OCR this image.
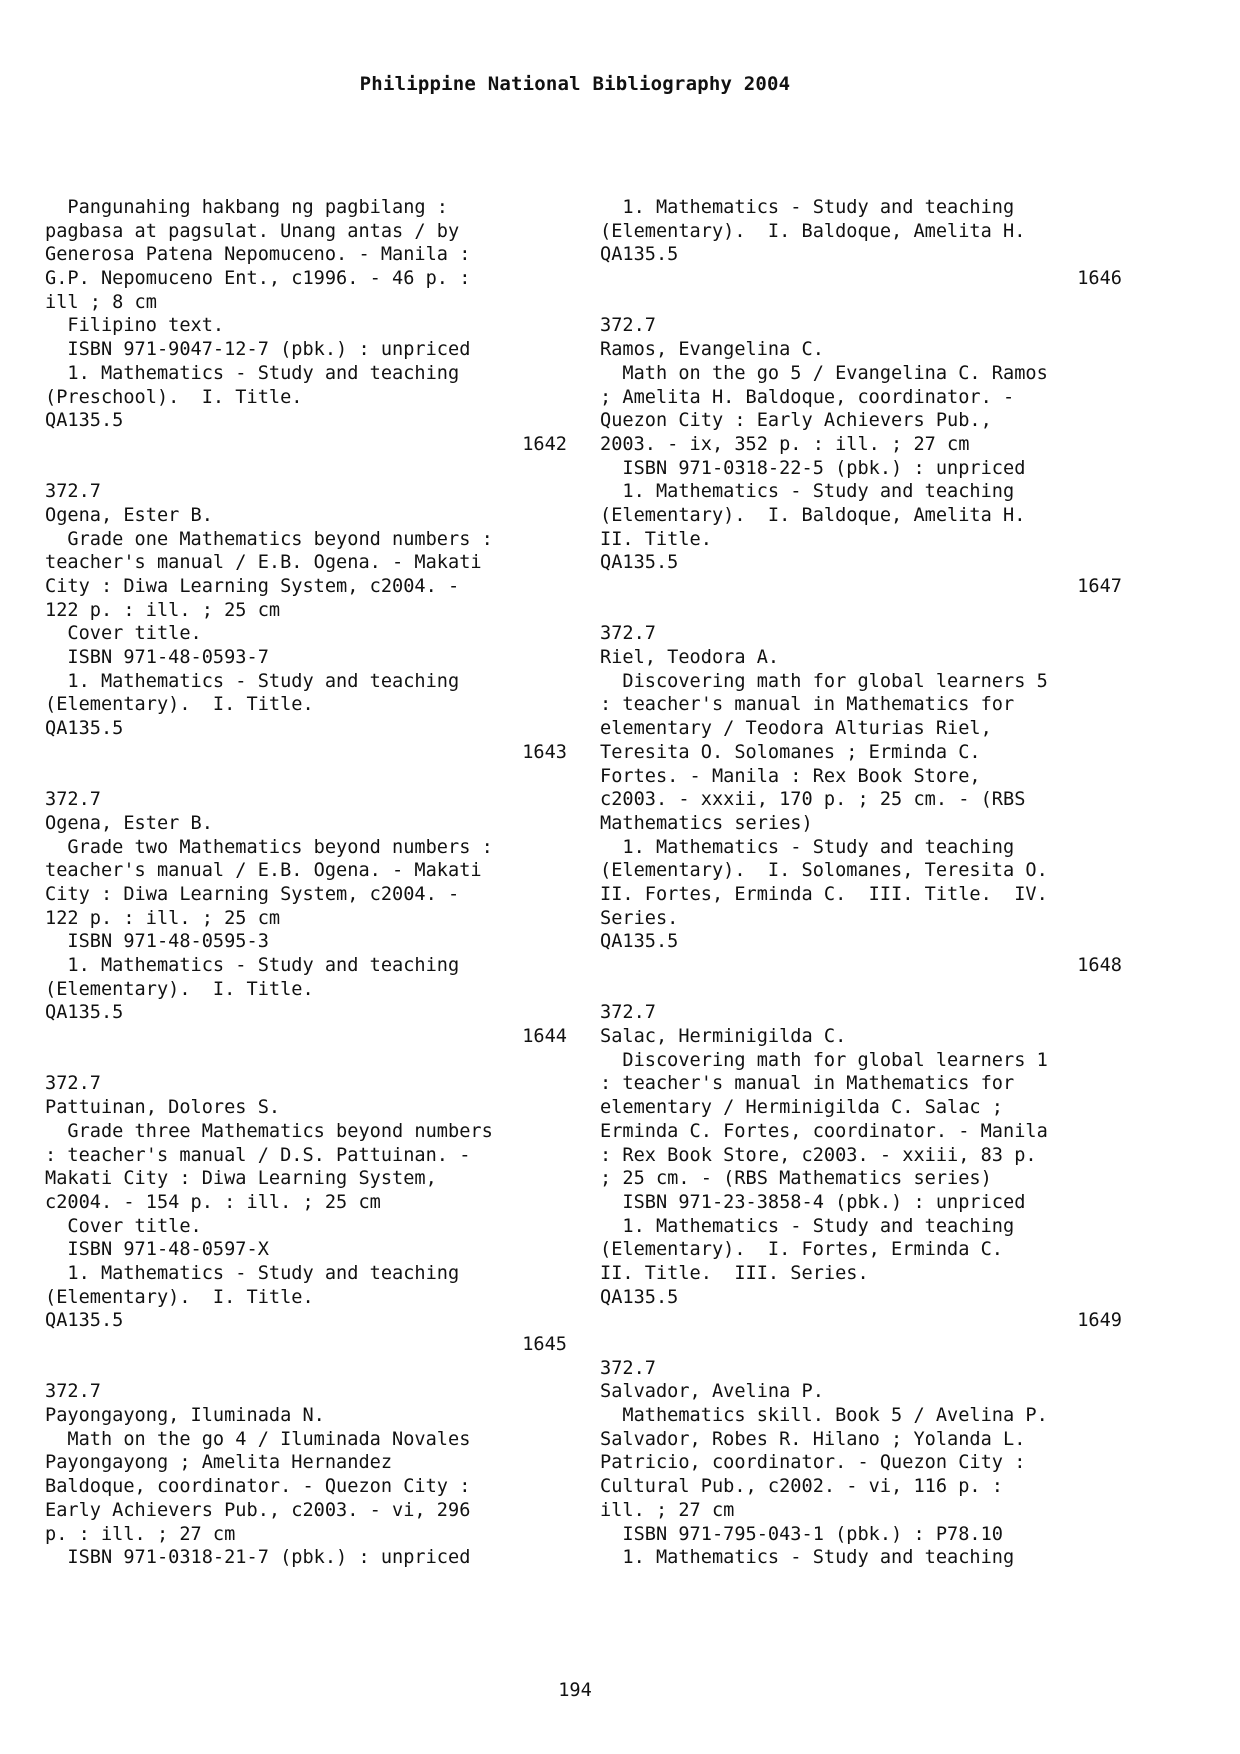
Philippine National Bibliography 2004
Pangunahing hakbang ng pagbilang :
pagbasa at pagsulat. Unang antas / by
Generosa Patena Nepomuceno. - Manila :
G.P. Nepomuceno Ent., c1996. - 46 p. :
ill ; 8 cm
Filipino text.
ISBN 971-9047-12-7 (pbk.) : unpriced
1. Mathematics - Study and teaching
(Preschool).  I. Title.
QA135.5
1642
372.7
Ogena, Ester B.
Grade one Mathematics beyond numbers :
teacher's manual / E.B. Ogena. - Makati
City : Diwa Learning System, c2004. -
122 p. : ill. ; 25 cm
Cover title.
ISBN 971-48-0593-7
1. Mathematics - Study and teaching
(Elementary).  I. Title.
QA135.5
1643
372.7
Ogena, Ester B.
Grade two Mathematics beyond numbers :
teacher's manual / E.B. Ogena. - Makati
City : Diwa Learning System, c2004. -
122 p. : ill. ; 25 cm
ISBN 971-48-0595-3
1. Mathematics - Study and teaching
(Elementary).  I. Title.
QA135.5
1644
372.7
Pattuinan, Dolores S.
Grade three Mathematics beyond numbers
: teacher's manual / D.S. Pattuinan. -
Makati City : Diwa Learning System,
c2004. - 154 p. : ill. ; 25 cm
Cover title.
ISBN 971-48-0597-X
1. Mathematics - Study and teaching
(Elementary).  I. Title.
QA135.5
1645
372.7
Payongayong, Iluminada N.
Math on the go 4 / Iluminada Novales
Payongayong ; Amelita Hernandez
Baldoque, coordinator. - Quezon City :
Early Achievers Pub., c2003. - vi, 296
p. : ill. ; 27 cm
ISBN 971-0318-21-7 (pbk.) : unpriced
1. Mathematics - Study and teaching
(Elementary).  I. Baldoque, Amelita H.
QA135.5
1646
372.7
Ramos, Evangelina C.
Math on the go 5 / Evangelina C. Ramos
; Amelita H. Baldoque, coordinator. -
Quezon City : Early Achievers Pub.,
2003. - ix, 352 p. : ill. ; 27 cm
ISBN 971-0318-22-5 (pbk.) : unpriced
1. Mathematics - Study and teaching
(Elementary).  I. Baldoque, Amelita H.
II. Title.
QA135.5
1647
372.7
Riel, Teodora A.
Discovering math for global learners 5
: teacher's manual in Mathematics for
elementary / Teodora Alturias Riel,
Teresita O. Solomanes ; Erminda C.
Fortes. - Manila : Rex Book Store,
c2003. - xxxii, 170 p. ; 25 cm. - (RBS
Mathematics series)
1. Mathematics - Study and teaching
(Elementary).  I. Solomanes, Teresita O.
II. Fortes, Erminda C.  III. Title.  IV.
Series.
QA135.5
1648
372.7
Salac, Herminigilda C.
Discovering math for global learners 1
: teacher's manual in Mathematics for
elementary / Herminigilda C. Salac ;
Erminda C. Fortes, coordinator. - Manila
: Rex Book Store, c2003. - xxiii, 83 p.
; 25 cm. - (RBS Mathematics series)
ISBN 971-23-3858-4 (pbk.) : unpriced
1. Mathematics - Study and teaching
(Elementary).  I. Fortes, Erminda C.
II. Title.  III. Series.
QA135.5
1649
372.7
Salvador, Avelina P.
Mathematics skill. Book 5 / Avelina P.
Salvador, Robes R. Hilano ; Yolanda L.
Patricio, coordinator. - Quezon City :
Cultural Pub., c2002. - vi, 116 p. :
ill. ; 27 cm
ISBN 971-795-043-1 (pbk.) : P78.10
1. Mathematics - Study and teaching
194
